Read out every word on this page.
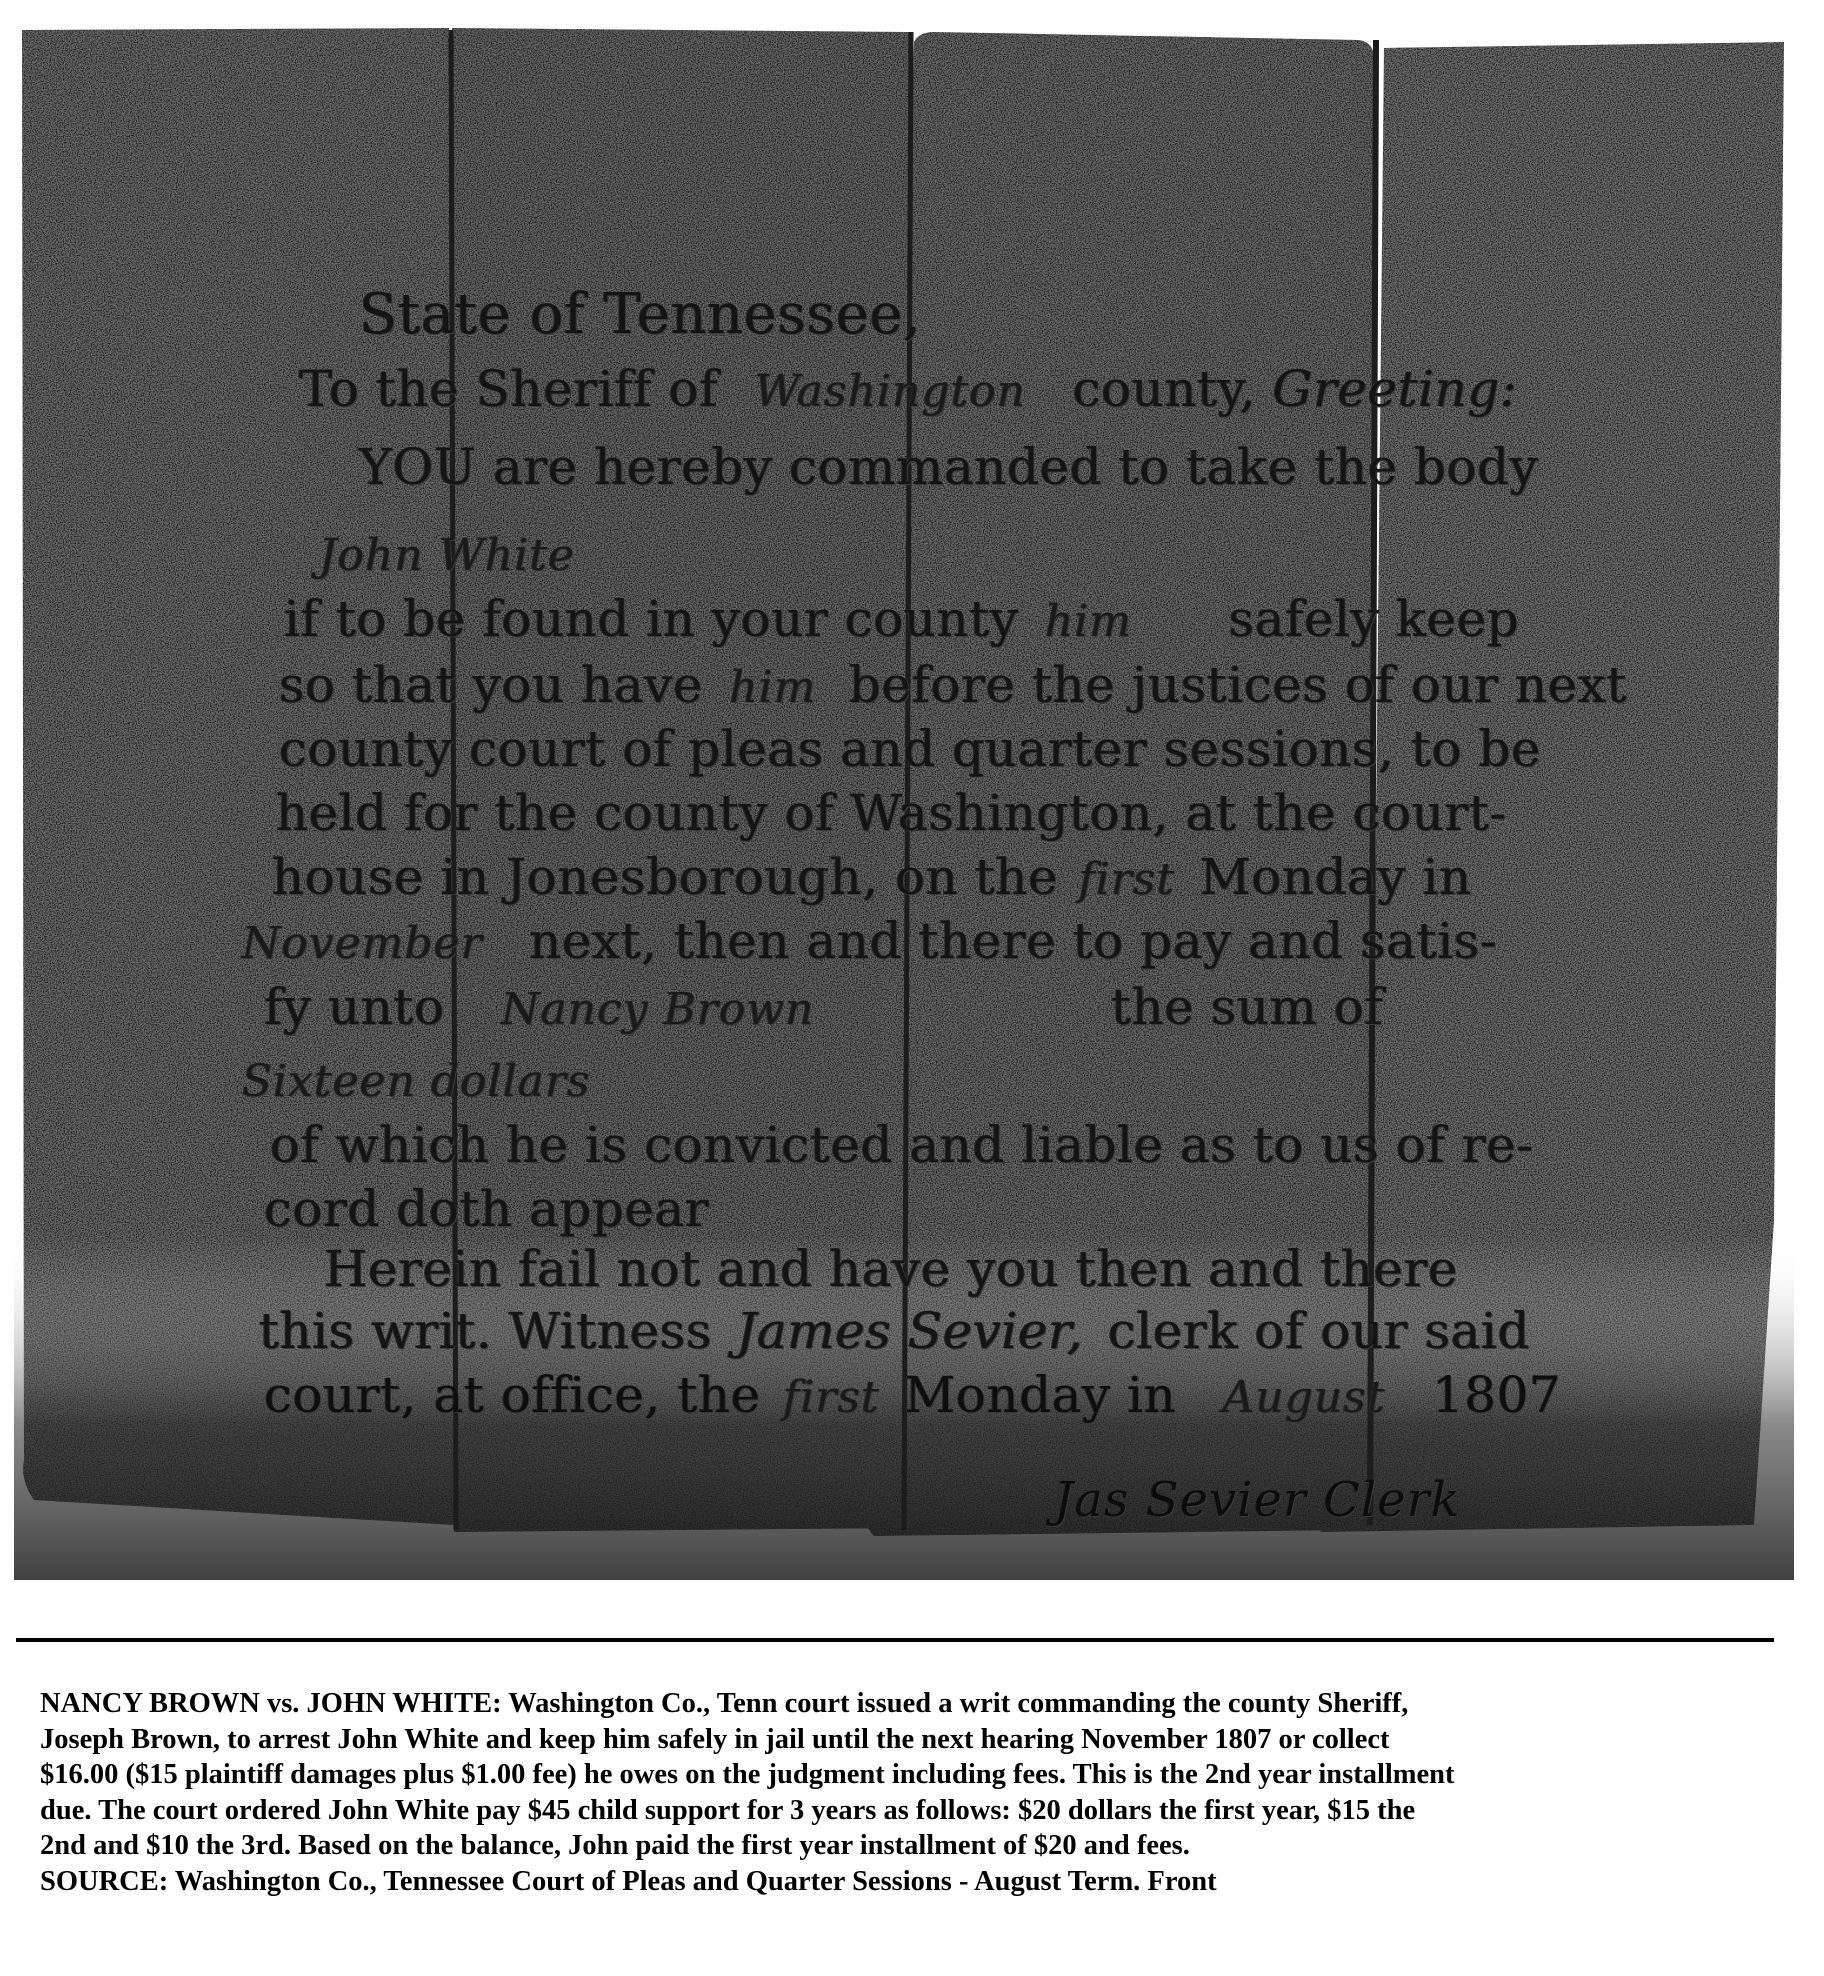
State of Tennessee,
To the Sheriff of Washington county, Greeting:
YOU are hereby commanded to take the body
John White
if to be found in your county him safely keep
so that you have him before the justices of our next
county court of pleas and quarter sessions, to be
held for the county of Washington, at the court-
house in Jonesborough, on the first Monday in
November next, then and there to pay and satis-
fy unto Nancy Brown	the sum of
Sixteen dollars
of which he is convicted and liable as to us of re-
cord doth appear
Herein fail not and have you then and there
this writ. Witness James Sevier, clerk of our said
court, at office, the first Monday in August 1807
Jas Sevier Clerk

NANCY BROWN vs. JOHN WHITE: Washington Co., Tenn court issued a writ commanding the county Sheriff,

Joseph Brown, to arrest John White and keep him safely in jail until the next hearing November 1807 or collect

$16.00 ($15 plaintiff damages plus $1.00 fee) he owes on the judgment including fees. This is the 2nd year installment

due. The court ordered John White pay $45 child support for 3 years as follows: $20 dollars the first year, $15 the

2nd and $10 the 3rd. Based on the balance, John paid the first year installment of $20 and fees.

SOURCE: Washington Co., Tennessee Court of Pleas and Quarter Sessions - August Term. Front
